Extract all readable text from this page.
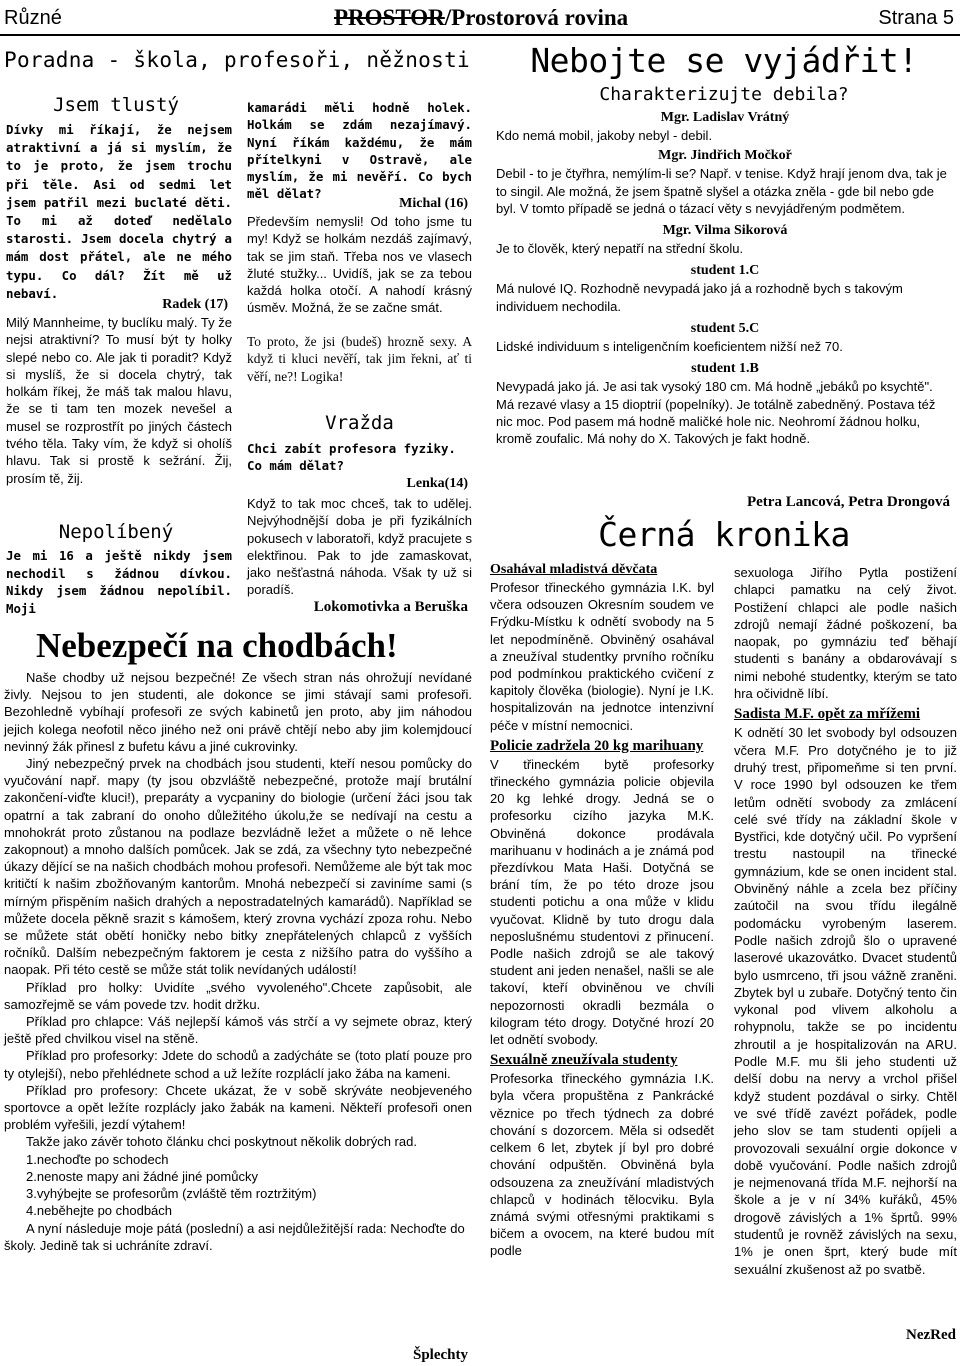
Různé	PROSTOR/Prostorová rovina	Strana 5
Poradna - škola, profesoři, něžnosti
Jsem tlustý
Dívky mi říkají, že nejsem atraktivní a já si myslím, že to je proto, že jsem trochu při těle. Asi od sedmi let jsem patřil mezi buclaté děti. To mi až doteď nedělalo starosti. Jsem docela chytrý a mám dost přátel, ale ne mého typu. Co dál? Žít mě už nebaví.
Radek (17)
Milý Mannheime, ty buclíku malý. Ty že nejsi atraktivní? To musí být ty holky slepé nebo co. Ale jak ti poradit? Když si myslíš, že si docela chytrý, tak holkám říkej, že máš tak malou hlavu, že se ti tam ten mozek nevešel a musel se rozprostřít po jiných částech tvého těla. Taky vím, že když si oholíš hlavu. Tak si prostě k sežrání. Žij, prosím tě, žij.
Nepolíbený
Je mi 16 a ještě nikdy jsem nechodil s žádnou dívkou. Nikdy jsem žádnou nepolíbil. Moji
kamarádi měli hodně holek. Holkám se zdám nezajímavý. Nyní říkám každému, že mám přítelkyni v Ostravě, ale myslím, že mi nevěří. Co bych měl dělat?
Michal (16)
Především nemysli! Od toho jsme tu my! Když se holkám nezdáš zajímavý, tak se jim staň. Třeba nos ve vlasech žluté stužky... Uvidíš, jak se za tebou každá holka otočí. A nahodí krásný úsměv. Možná, že se začne smát.
To proto, že jsi (budeš) hrozně sexy. A když ti kluci nevěří, tak jim řekni, ať ti věří, ne?! Logika!
Vražda
Chci zabít profesora fyziky. Co mám dělat?
Lenka(14)
Když to tak moc chceš, tak to udělej. Nejvýhodnější doba je při fyzikálních pokusech v laboratoři, když pracujete s elektřinou. Pak to jde zamaskovat, jako nešťastná náhoda. Však ty už si poradíš.
Lokomotivka a Beruška
Nebojte se vyjádřit!
Charakterizujte debila?
Mgr. Ladislav Vrátný
Kdo nemá mobil, jakoby nebyl - debil.
Mgr. Jindřich Močkoř
Debil - to je čtyřhra, nemýlím-li se? Např. v tenise. Když hrají jenom dva, tak je to singil. Ale možná, že jsem špatně slyšel a otázka zněla - gde bil nebo gde byl. V tomto případě se jedná o tázací věty s nevyjádřeným podmětem.
Mgr. Vilma Sikorová
Je to člověk, který nepatří na střední školu.
student 1.C
Má nulové IQ. Rozhodně nevypadá jako já a rozhodně bych s takovým individuem nechodila.
student 5.C
Lidské individuum s inteligenčním koeficientem nižší než 70.
student 1.B
Nevypadá jako já. Je asi tak vysoký 180 cm. Má hodně „jebáků po ksychtě". Má rezavé vlasy a 15 dioptrií (popelníky). Je totálně zabedněný. Postava též nic moc. Pod pasem má hodně maličké hole nic. Neohromí žádnou holku, kromě zoufalic. Má nohy do X. Takových je fakt hodně.
Petra Lancová, Petra Drongová
Černá kronika
Osahával mladistvá děvčata
Profesor třineckého gymnázia I.K. byl včera odsouzen Okresním soudem ve Frýdku-Místku k odnětí svobody na 5 let nepodmíněně. Obviněný osahával a zneužíval studentky prvního ročníku pod podmínkou praktického cvičení z kapitoly člověka (biologie). Nyní je I.K. hospitalizován na jednotce intenzivní péče v místní nemocnici.
Policie zadržela 20 kg marihuany
V třineckém bytě profesorky třineckého gymnázia policie objevila 20 kg lehké drogy. Jedná se o profesorku cizího jazyka M.K. Obviněná dokonce prodávala marihuanu v hodinách a je známá pod přezdívkou Mata Haši. Dotyčná se brání tím, že po této droze jsou studenti potichu a ona může v klidu vyučovat. Klidně by tuto drogu dala neposlušnému studentovi z přinucení. Podle našich zdrojů se ale takový student ani jeden nenašel, našli se ale takoví, kteří obviněnou ve chvíli nepozornosti okradli bezmála o kilogram této drogy. Dotyčné hrozí 20 let odnětí svobody.
Sexuálně zneužívala studenty
Profesorka třineckého gymnázia I.K. byla včera propuštěna z Pankrácké věznice po třech týdnech za dobré chování s dozorcem. Měla si odsedět celkem 6 let, zbytek jí byl pro dobré chování odpuštěn. Obviněná byla odsouzena za zneužívání mladistvých chlapců v hodinách tělocviku. Byla známá svými otřesnými praktikami s bičem a ovocem, na které budou mít podle
sexuologa Jiřího Pytla postižení chlapci pamatku na celý život. Postižení chlapci ale podle našich zdrojů nemají žádné poškození, ba naopak, po gymnáziu teď běhají studenti s banány a obdarovávají s nimi nebohé studentky, kterým se tato hra očividně líbí.
Sadista M.F. opět za mřížemi
K odnětí 30 let svobody byl odsouzen včera M.F. Pro dotyčného je to již druhý trest, připomeňme si ten první. V roce 1990 byl odsouzen ke třem letům odnětí svobody za zmlácení celé své třídy na základní škole v Bystřici, kde dotyčný učil. Po vypršení trestu nastoupil na třinecké gymnázium, kde se onen incident stal. Obviněný náhle a zcela bez příčiny zaútočil na svou třídu ilegálně podomácku vyrobeným laserem. Podle našich zdrojů šlo o upravené laserové ukazovátko. Dvacet studentů bylo usmrceno, tři jsou vážně zraněni. Zbytek byl u zubaře. Dotyčný tento čin vykonal pod vlivem alkoholu a rohypnolu, takže se po incidentu zhroutil a je hospitalizován na ARU. Podle M.F. mu šli jeho studenti už delší dobu na nervy a vrchol přišel když student pozdával o sirky. Chtěl ve své třídě zavézt pořádek, podle jeho slov se tam studenti opíjeli a provozovali sexuální orgie dokonce v době vyučování. Podle našich zdrojů je nejmenovaná třída M.F. nejhorší na škole a je v ní 34% kuřáků, 45% drogově závislých a 1% šprtů. 99% studentů je rovněž závislých na sexu, 1% je onen šprt, který bude mít sexuální zkušenost až po svatbě.
NezRed
Nebezpečí na chodbách!

Naše chodby už nejsou bezpečné! Ze všech stran nás ohrožují nevídané živly. Nejsou to jen studenti, ale dokonce se jimi stávají sami profesoři. Bezohledně vybíhají profesoři ze svých kabinetů jen proto, aby jim náhodou jejich kolega neofotil něco jiného než oni právě chtějí nebo aby jim kolemjdoucí nevinný žák přinesl z bufetu kávu a jiné cukrovinky.

Jiný nebezpečný prvek na chodbách jsou studenti, kteří nesou pomůcky do vyučování např. mapy (ty jsou obzvláště nebezpečné, protože mají brutální zakončení-viďte kluci!), preparáty a vycpaniny do biologie (určení žáci jsou tak opatrní a tak zabraní do onoho důležitého úkolu,že se nedívají na cestu a mnohokrát proto zůstanou na podlaze bezvládně ležet a můžete o ně lehce zakopnout) a mnoho dalších pomůcek. Jak se zdá, za všechny tyto nebezpečné úkazy dějící se na našich chodbách mohou profesoři. Nemůžeme ale být tak moc kritičtí k našim zbožňovaným kantorům. Mnohá nebezpečí si zaviníme sami (s mírným přispěním našich drahých a nepostradatelných kamarádů). Například se můžete docela pěkně srazit s kámošem, který zrovna vychází zpoza rohu. Nebo se můžete stát obětí honičky nebo bitky znepřátelených chlapců z vyšších ročníků. Dalším nebezpečným faktorem je cesta z nižšího patra do vyššího a naopak. Při této cestě se může stát tolik nevídaných událostí!

Příklad pro holky: Uvidíte „svého vyvoleného".Chcete zapůsobit, ale samozřejmě se vám povede tzv. hodit držku.

Příklad pro chlapce: Váš nejlepší kámoš vás strčí a vy sejmete obraz, který ještě před chvilkou visel na stěně.

Příklad pro profesorky: Jdete do schodů a zadýcháte se (toto platí pouze pro ty otylejší), nebo přehlédnete schod a už ležíte rozpláclí jako žába na kameni.

Příklad pro profesory: Chcete ukázat, že v sobě skrýváte neobjeveného sportovce a opět ležíte rozplácly jako žabák na kameni. Někteří profesoři onen problém vyřešili, jezdí výtahem!

Takže jako závěr tohoto článku chci poskytnout několik dobrých rad.

1.nechoďte po schodech

2.nenoste mapy ani žádné jiné pomůcky

3.vyhýbejte se profesorům (zvláště těm roztržitým)

4.neběhejte po chodbách

A nyní následuje moje pátá (poslední) a asi nejdůležitější rada: Nechoďte do školy. Jedině tak si uchráníte zdraví.

Šplechty
